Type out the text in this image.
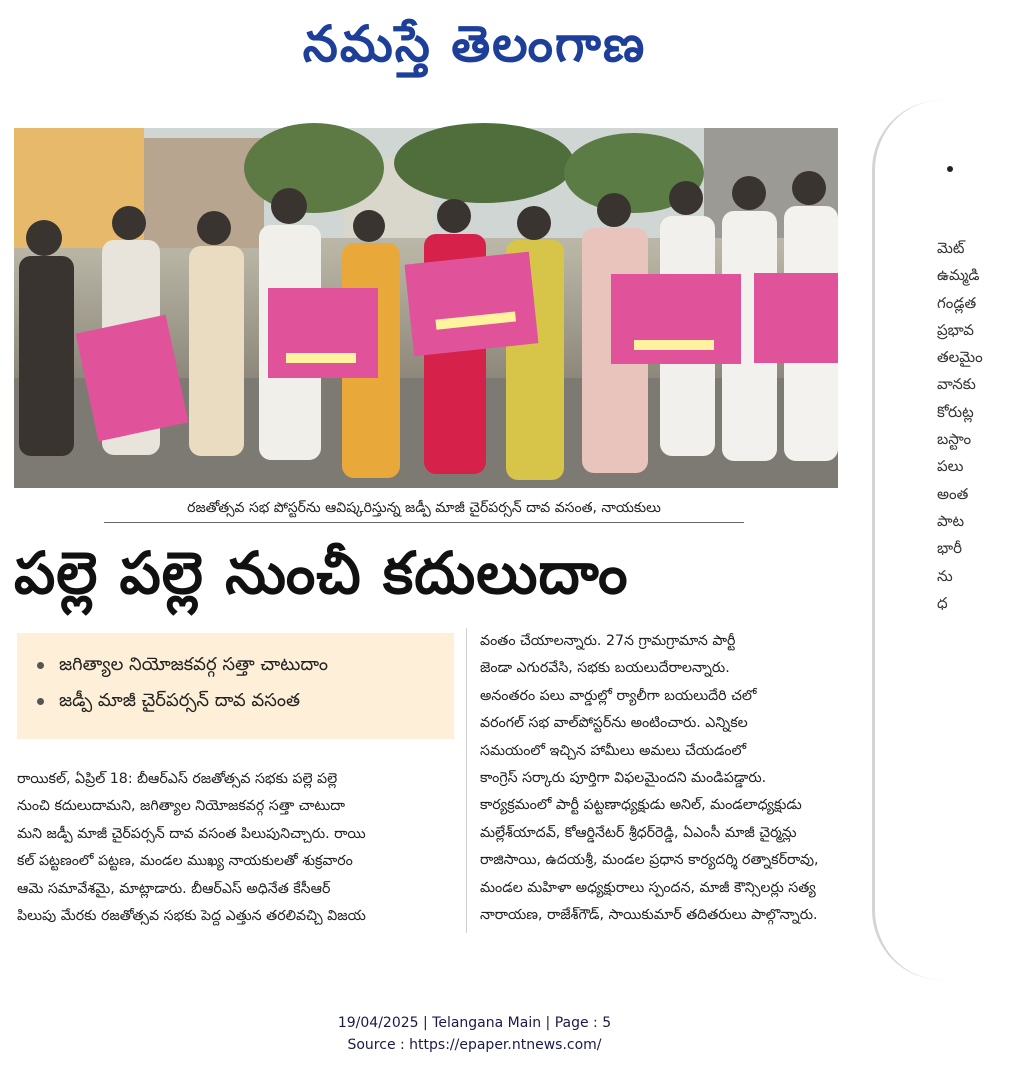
నమస్తే తెలంగాణ
మెట్
ఉమ్మడి
గండ్లత
ప్రభావ
తలమైం
వానకు
కోరుట్ల
బస్టాం
పలు
అంత
పాట
భారీ
ను
ధ
రజతోత్సవ సభ పోస్టర్‌ను ఆవిష్కరిస్తున్న జడ్పీ మాజీ చైర్‌పర్సన్ దావ వసంత, నాయకులు
పల్లె పల్లె నుంచీ కదులుదాం
జగిత్యాల నియోజకవర్గ సత్తా చాటుదాం
జడ్పీ మాజీ చైర్‌పర్సన్ దావ వసంత
రాయికల్, ఏప్రిల్ 18: బీఆర్ఎస్ రజతోత్సవ సభకు పల్లె పల్లె
నుంచి కదులుదామని, జగిత్యాల నియోజకవర్గ సత్తా చాటుదా
మని జడ్పీ మాజీ చైర్‌పర్సన్ దావ వసంత పిలుపునిచ్చారు. రాయి
కల్ పట్టణంలో పట్టణ, మండల ముఖ్య నాయకులతో శుక్రవారం
ఆమె సమావేశమై, మాట్లాడారు. బీఆర్ఎస్ అధినేత కేసీఆర్
పిలుపు మేరకు రజతోత్సవ సభకు పెద్ద ఎత్తున తరలివచ్చి విజయ
వంతం చేయాలన్నారు. 27న గ్రామగ్రామాన పార్టీ
జెండా ఎగురవేసి, సభకు బయలుదేరాలన్నారు.
అనంతరం పలు వార్డుల్లో ర్యాలీగా బయలుదేరి చలో
వరంగల్ సభ వాల్‌పోస్టర్‌ను అంటించారు. ఎన్నికల
సమయంలో ఇచ్చిన హామీలు అమలు చేయడంలో
కాంగ్రెస్ సర్కారు పూర్తిగా విఫలమైందని మండిపడ్డారు.
కార్యక్రమంలో పార్టీ పట్టణాధ్యక్షుడు అనిల్, మండలాధ్యక్షుడు
మల్లేశ్‌యాదవ్, కోఆర్డినేటర్ శ్రీధర్‌రెడ్డి, ఏఎంసీ మాజీ చైర్మన్లు
రాజిసాయి, ఉదయశ్రీ, మండల ప్రధాన కార్యదర్శి రత్నాకర్‌రావు,
మండల మహిళా అధ్యక్షురాలు స్పందన, మాజీ కౌన్సిలర్లు సత్య
నారాయణ, రాజేశ్‌గౌడ్, సాయికుమార్ తదితరులు పాల్గొన్నారు.
19/04/2025 | Telangana Main | Page : 5
Source : https://epaper.ntnews.com/
